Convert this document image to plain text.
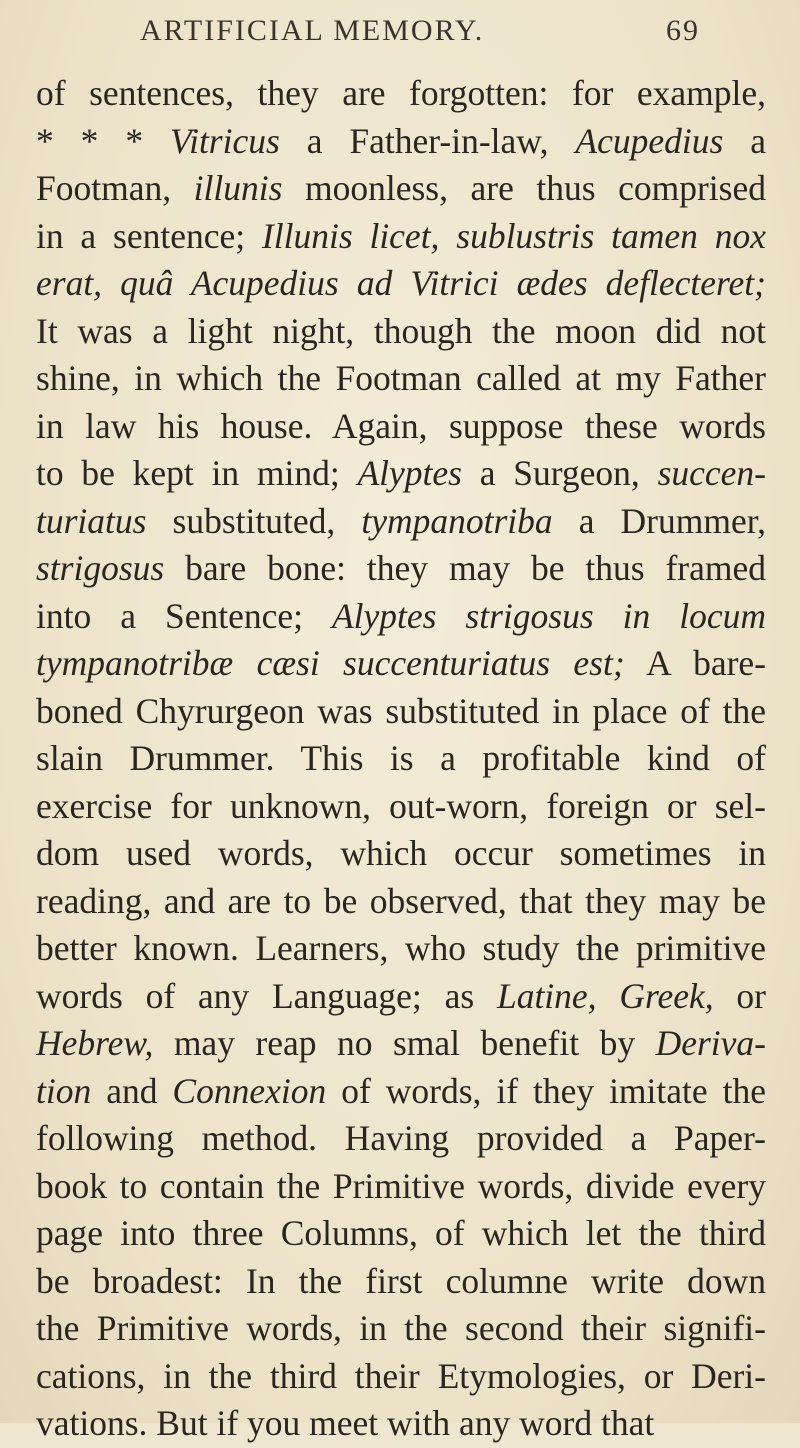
ARTIFICIAL MEMORY.	69
of sentences, they are forgotten: for example,
* * * Vitricus a Father-in-law, Acupedius a
Footman, illunis moonless, are thus comprised
in a sentence; Illunis licet, sublustris tamen nox
erat, quâ Acupedius ad Vitrici ædes deflecteret;
It was a light night, though the moon did not
shine, in which the Footman called at my Father
in law his house. Again, suppose these words
to be kept in mind; Alyptes a Surgeon, succen-
turiatus substituted, tympanotriba a Drummer,
strigosus bare bone: they may be thus framed
into a Sentence; Alyptes strigosus in locum
tympanotribæ cæsi succenturiatus est; A bare-
boned Chyrurgeon was substituted in place of the
slain Drummer. This is a profitable kind of
exercise for unknown, out-worn, foreign or sel-
dom used words, which occur sometimes in
reading, and are to be observed, that they may be
better known. Learners, who study the primitive
words of any Language; as Latine, Greek, or
Hebrew, may reap no smal benefit by Deriva-
tion and Connexion of words, if they imitate the
following method. Having provided a Paper-
book to contain the Primitive words, divide every
page into three Columns, of which let the third
be broadest: In the first columne write down
the Primitive words, in the second their signifi-
cations, in the third their Etymologies, or Deri-
vations. But if you meet with any word that
